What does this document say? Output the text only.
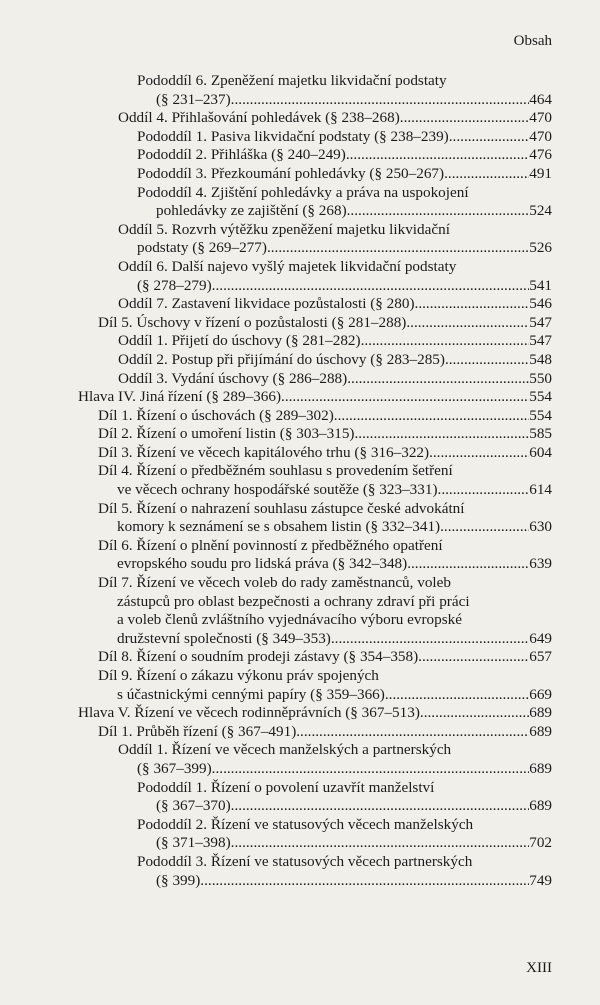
Obsah
Pododdíl 6. Zpeněžení majetku likvidační podstaty
(§ 231–237) .....	464
Oddíl 4. Přihlašování pohledávek (§ 238–268) .....	470
Pododdíl 1. Pasiva likvidační podstaty (§ 238–239) .....	470
Pododdíl 2. Přihláška (§ 240–249) .....	476
Pododdíl 3. Přezkoumání pohledávky (§ 250–267) .....	491
Pododdíl 4. Zjištění pohledávky a práva na uspokojení
pohledávky ze zajištění (§ 268) .....	524
Oddíl 5. Rozvrh výtěžku zpeněžení majetku likvidační
podstaty (§ 269–277) .....	526
Oddíl 6. Další najevo vyšlý majetek likvidační podstaty
(§ 278–279) .....	541
Oddíl 7. Zastavení likvidace pozůstalosti (§ 280) .....	546
Díl 5. Úschovy v řízení o pozůstalosti (§ 281–288) .....	547
Oddíl 1. Přijetí do úschovy (§ 281–282) .....	547
Oddíl 2. Postup při přijímání do úschovy (§ 283–285) .....	548
Oddíl 3. Vydání úschovy (§ 286–288) .....	550
Hlava IV. Jiná řízení (§ 289–366) .....	554
Díl 1. Řízení o úschovách (§ 289–302) .....	554
Díl 2. Řízení o umoření listin (§ 303–315) .....	585
Díl 3. Řízení ve věcech kapitálového trhu (§ 316–322) .....	604
Díl 4. Řízení o předběžném souhlasu s provedením šetření
ve věcech ochrany hospodářské soutěže (§ 323–331) .....	614
Díl 5. Řízení o nahrazení souhlasu zástupce české advokátní
komory k seznámení se s obsahem listin (§ 332–341) .....	630
Díl 6. Řízení o plnění povinností z předběžného opatření
evropského soudu pro lidská práva (§ 342–348) .....	639
Díl 7. Řízení ve věcech voleb do rady zaměstnanců, voleb
zástupců pro oblast bezpečnosti a ochrany zdraví při práci
a voleb členů zvláštního vyjednávacího výboru evropské
družstevní společnosti (§ 349–353) .....	649
Díl 8. Řízení o soudním prodeji zástavy (§ 354–358) .....	657
Díl 9. Řízení o zákazu výkonu práv spojených
s účastnickými cennými papíry (§ 359–366) .....	669
Hlava V. Řízení ve věcech rodinněprávních (§ 367–513) .....	689
Díl 1. Průběh řízení (§ 367–491) .....	689
Oddíl 1. Řízení ve věcech manželských a partnerských
(§ 367–399) .....	689
Pododdíl 1. Řízení o povolení uzavřít manželství
(§ 367–370) .....	689
Pododdíl 2. Řízení ve statusových věcech manželských
(§ 371–398) .....	702
Pododdíl 3. Řízení ve statusových věcech partnerských
(§ 399) .....	749
XIII
